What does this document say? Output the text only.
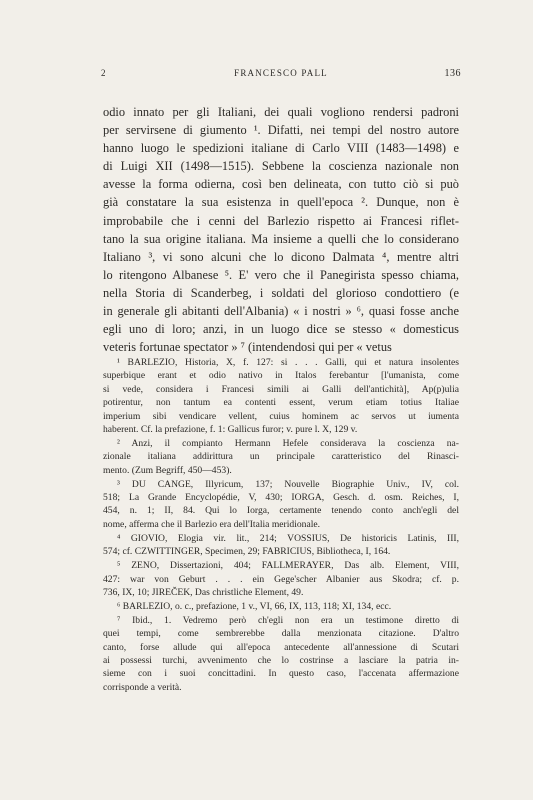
2	FRANCESCO PALL	136
odio innato per gli Italiani, dei quali vogliono rendersi padroni
per servirsene di giumento ¹. Difatti, nei tempi del nostro autore
hanno luogo le spedizioni italiane di Carlo VIII (1483—1498) e
di Luigi XII (1498—1515). Sebbene la coscienza nazionale non
avesse la forma odierna, così ben delineata, con tutto ciò si può
già constatare la sua esistenza in quell'epoca ². Dunque, non è
improbabile che i cenni del Barlezio rispetto ai Francesi riflet-
tano la sua origine italiana. Ma insieme a quelli che lo considerano
Italiano ³, vi sono alcuni che lo dicono Dalmata ⁴, mentre altri
lo ritengono Albanese ⁵. E' vero che il Panegirista spesso chiama,
nella Storia di Scanderbeg, i soldati del glorioso condottiero (e
in generale gli abitanti dell'Albania) « i nostri » ⁶, quasi fosse anche
egli uno di loro; anzi, in un luogo dice se stesso « domesticus
veteris fortunae spectator » ⁷ (intendendosi qui per « vetus
¹ BARLEZIO, Historia, X, f. 127: si . . . Galli, qui et natura insolentes
superbique erant et odio nativo in Italos ferebantur [l'umanista, come
si vede, considera i Francesi simili ai Galli dell'antichità], Ap(p)ulia
potirentur, non tantum ea contenti essent, verum etiam totius Italiae
imperium sibi vendicare vellent, cuius hominem ac servos ut iumenta
haberent. Cf. la prefazione, f. 1: Gallicus furor; v. pure l. X, 129 v.
² Anzi, il compianto Hermann Hefele considerava la coscienza na-
zionale italiana addirittura un principale caratteristico del Rinasci-
mento. (Zum Begriff, 450—453).
³ DU CANGE, Illyricum, 137; Nouvelle Biographie Univ., IV, col.
518; La Grande Encyclopédie, V, 430; IORGA, Gesch. d. osm. Reiches, I,
454, n. 1; II, 84. Qui lo Iorga, certamente tenendo conto anch'egli del
nome, afferma che il Barlezio era dell'Italia meridionale.
⁴ GIOVIO, Elogia vir. lit., 214; VOSSIUS, De historicis Latinis, III,
574; cf. CZWITTINGER, Specimen, 29; FABRICIUS, Bibliotheca, I, 164.
⁵ ZENO, Dissertazioni, 404; FALLMERAYER, Das alb. Element, VIII,
427: war von Geburt . . . ein Gege'scher Albanier aus Skodra; cf. p.
736, IX, 10; JIREČEK, Das christliche Element, 49.
⁶ BARLEZIO, o. c., prefazione, 1 v., VI, 66, IX, 113, 118; XI, 134, ecc.
⁷ Ibid., 1. Vedremo però ch'egli non era un testimone diretto di
quei tempi, come sembrerebbe dalla menzionata citazione. D'altro
canto, forse allude qui all'epoca antecedente all'annessione di Scutari
ai possessi turchi, avvenimento che lo costrinse a lasciare la patria in-
sieme con i suoi concittadini. In questo caso, l'accenata affermazione
corrisponde a verità.
